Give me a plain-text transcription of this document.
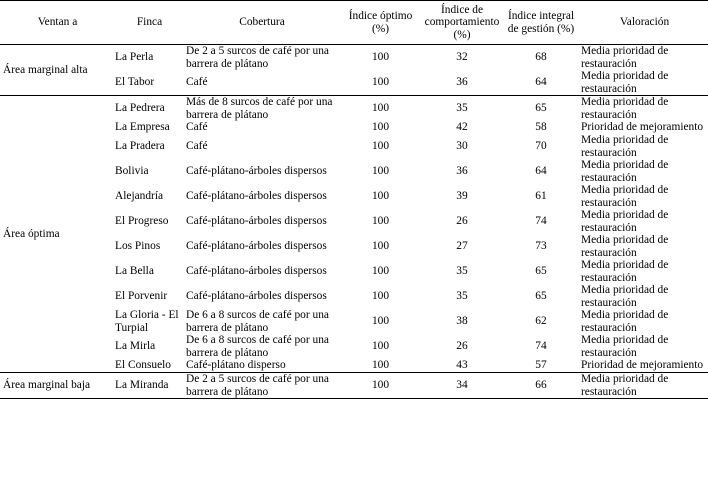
Ventan a	Finca	Cobertura	Índice óptimo (%)	Índice de comportamiento (%)	Índice integral de gestión (%)	Valoración
Área marginal alta	La Perla	De 2 a 5 surcos de café por una barrera de plátano	100	32	68	Media prioridad de restauración
	El Tabor	Café	100	36	64	Media prioridad de restauración
Área óptima	La Pedrera	Más de 8 surcos de café por una barrera de plátano	100	35	65	Media prioridad de restauración
	La Empresa	Café	100	42	58	Prioridad de mejoramiento
	La Pradera	Café	100	30	70	Media prioridad de restauración
	Bolivia	Café-plátano-árboles dispersos	100	36	64	Media prioridad de restauración
	Alejandría	Café-plátano-árboles dispersos	100	39	61	Media prioridad de restauración
	El Progreso	Café-plátano-árboles dispersos	100	26	74	Media prioridad de restauración
	Los Pinos	Café-plátano-árboles dispersos	100	27	73	Media prioridad de restauración
	La Bella	Café-plátano-árboles dispersos	100	35	65	Media prioridad de restauración
	El Porvenir	Café-plátano-árboles dispersos	100	35	65	Media prioridad de restauración
	La Gloria - El Turpial	De 6 a 8 surcos de café por una barrera de plátano	100	38	62	Media prioridad de restauración
	La Mirla	De 6 a 8 surcos de café por una barrera de plátano	100	26	74	Media prioridad de restauración
	El Consuelo	Café-plátano disperso	100	43	57	Prioridad de mejoramiento
Área marginal baja	La Miranda	De 2 a 5 surcos de café por una barrera de plátano	100	34	66	Media prioridad de restauración
